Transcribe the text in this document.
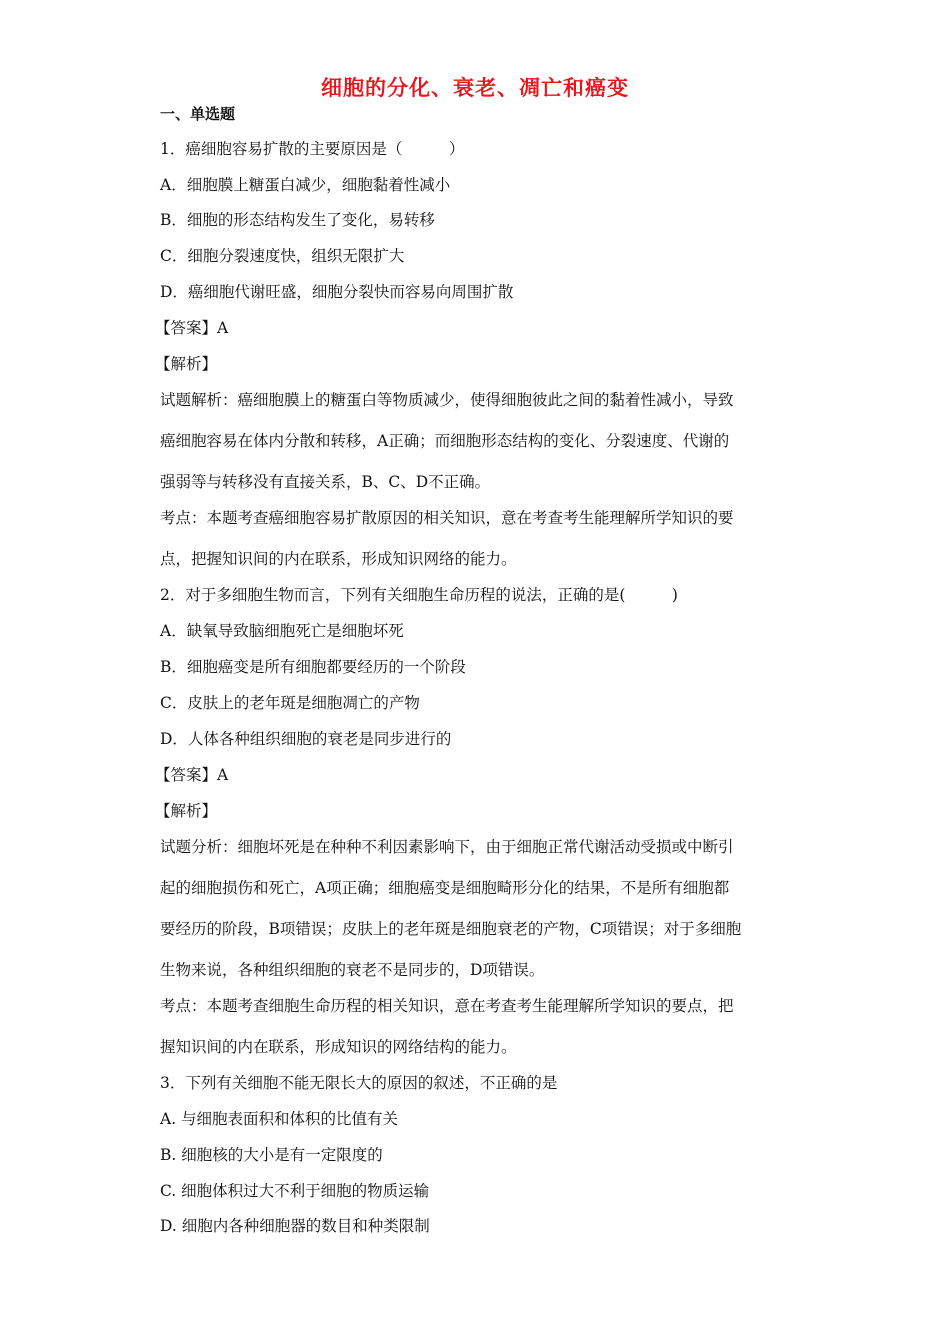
细胞的分化、衰老、凋亡和癌变
一、单选题
1．癌细胞容易扩散的主要原因是（　　　）
A．细胞膜上糖蛋白减少，细胞黏着性减小
B．细胞的形态结构发生了变化，易转移
C．细胞分裂速度快，组织无限扩大
D．癌细胞代谢旺盛，细胞分裂快而容易向周围扩散
【答案】A
【解析】
试题解析：癌细胞膜上的糖蛋白等物质减少，使得细胞彼此之间的黏着性减小，导致
癌细胞容易在体内分散和转移，A正确；而细胞形态结构的变化、分裂速度、代谢的
强弱等与转移没有直接关系，B、C、D不正确。
考点：本题考查癌细胞容易扩散原因的相关知识，意在考查考生能理解所学知识的要
点，把握知识间的内在联系，形成知识网络的能力。
2．对于多细胞生物而言，下列有关细胞生命历程的说法，正确的是(　　　)
A．缺氧导致脑细胞死亡是细胞坏死
B．细胞癌变是所有细胞都要经历的一个阶段
C．皮肤上的老年斑是细胞凋亡的产物
D．人体各种组织细胞的衰老是同步进行的
【答案】A
【解析】
试题分析：细胞坏死是在种种不利因素影响下，由于细胞正常代谢活动受损或中断引
起的细胞损伤和死亡，A项正确；细胞癌变是细胞畸形分化的结果，不是所有细胞都
要经历的阶段，B项错误；皮肤上的老年斑是细胞衰老的产物，C项错误；对于多细胞
生物来说，各种组织细胞的衰老不是同步的，D项错误。
考点：本题考查细胞生命历程的相关知识，意在考查考生能理解所学知识的要点，把
握知识间的内在联系，形成知识的网络结构的能力。
3．下列有关细胞不能无限长大的原因的叙述，不正确的是
A. 与细胞表面积和体积的比值有关
B. 细胞核的大小是有一定限度的
C. 细胞体积过大不利于细胞的物质运输
D. 细胞内各种细胞器的数目和种类限制
